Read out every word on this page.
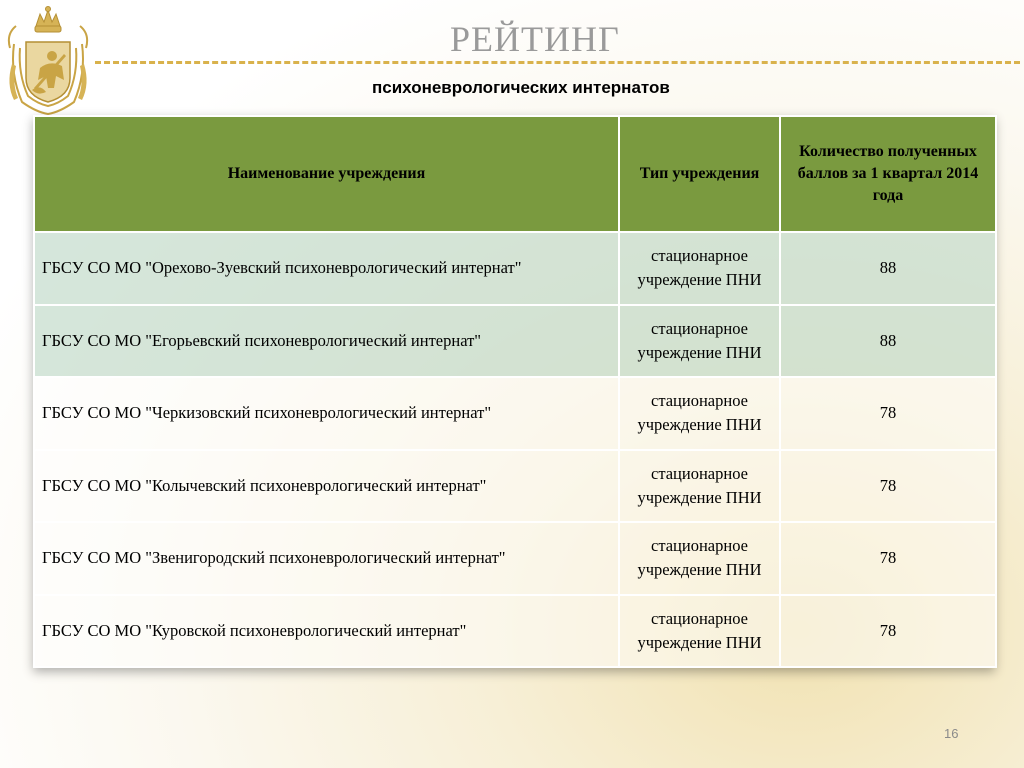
РЕЙТИНГ
психоневрологических интернатов
Наименование учреждения	Тип учреждения	Количество полученных баллов за 1 квартал 2014 года
ГБСУ СО МО "Орехово-Зуевский психоневрологический интернат"	стационарное учреждение ПНИ	88
ГБСУ СО МО "Егорьевский психоневрологический интернат"	стационарное учреждение ПНИ	88
ГБСУ СО МО "Черкизовский психоневрологический интернат"	стационарное учреждение ПНИ	78
ГБСУ СО МО "Колычевский психоневрологический интернат"	стационарное учреждение ПНИ	78
ГБСУ СО МО "Звенигородский психоневрологический интернат"	стационарное учреждение ПНИ	78
ГБСУ СО МО "Куровской психоневрологический интернат"	стационарное учреждение ПНИ	78
16
